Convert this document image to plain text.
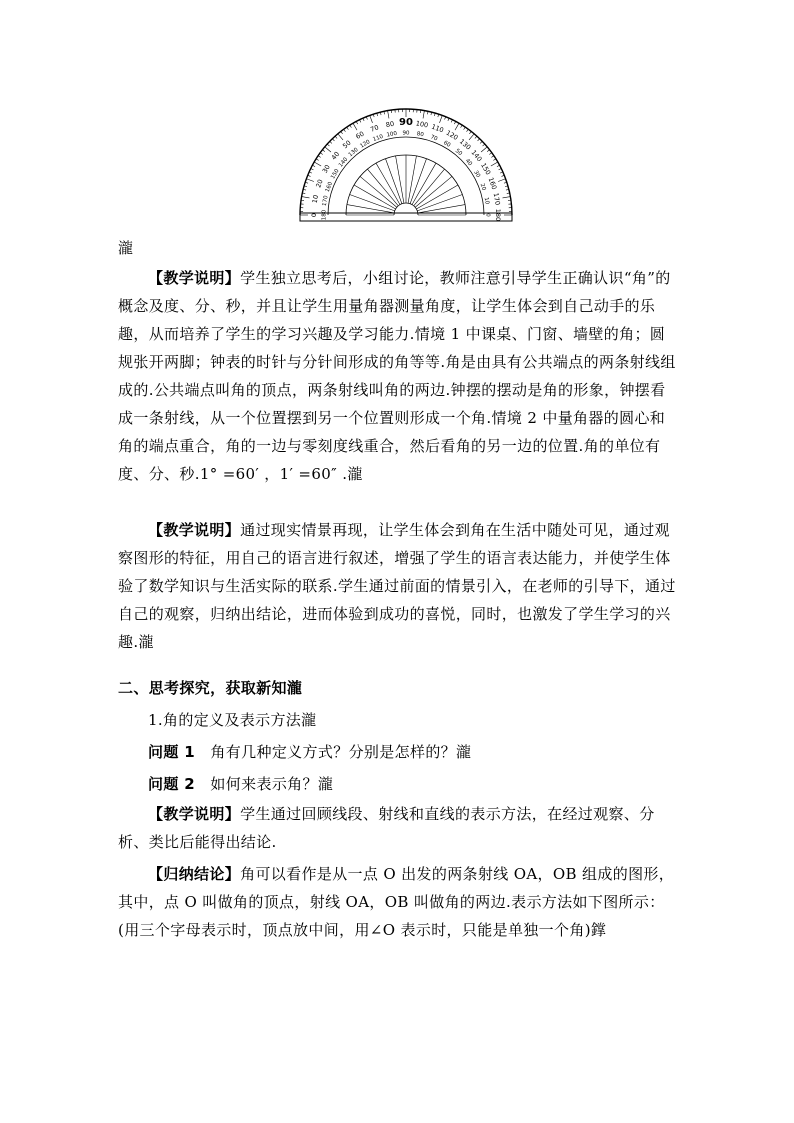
0
10
20
30
40
50
60
70 80	100 110
120
130
140
150
160
170
180
180
170
160
150
140
130
120
110 100 90 80 70
60
50
40
30
20
10
0
90

瀧

【教学说明】学生独立思考后，小组讨论，教师注意引导学生正确认识“角”的概念及度、分、秒，并且让学生用量角器测量角度，让学生体会到自己动手的乐趣，从而培养了学生的学习兴趣及学习能力.情境 1 中课桌、门窗、墙壁的角；圆规张开两脚；钟表的时针与分针间形成的角等等.角是由具有公共端点的两条射线组成的.公共端点叫角的顶点，两条射线叫角的两边.钟摆的摆动是角的形象，钟摆看成一条射线，从一个位置摆到另一个位置则形成一个角.情境 2 中量角器的圆心和角的端点重合，角的一边与零刻度线重合，然后看角的另一边的位置.角的单位有度、分、秒.1° =60′ ，1′ =60″ .瀧

【教学说明】通过现实情景再现，让学生体会到角在生活中随处可见，通过观察图形的特征，用自己的语言进行叙述，增强了学生的语言表达能力，并使学生体验了数学知识与生活实际的联系.学生通过前面的情景引入，在老师的引导下，通过自己的观察，归纳出结论，进而体验到成功的喜悦，同时，也激发了学生学习的兴趣.瀧

二、思考探究，获取新知瀧

1.角的定义及表示方法瀧

问题 1 角有几种定义方式？分别是怎样的？瀧

问题 2 如何来表示角？瀧

【教学说明】学生通过回顾线段、射线和直线的表示方法，在经过观察、分析、类比后能得出结论.

【归纳结论】角可以看作是从一点 O 出发的两条射线 OA，OB 组成的图形，其中，点 O 叫做角的顶点，射线 OA，OB 叫做角的两边.表示方法如下图所示：(用三个字母表示时，顶点放中间，用∠O 表示时，只能是单独一个角)鐣
